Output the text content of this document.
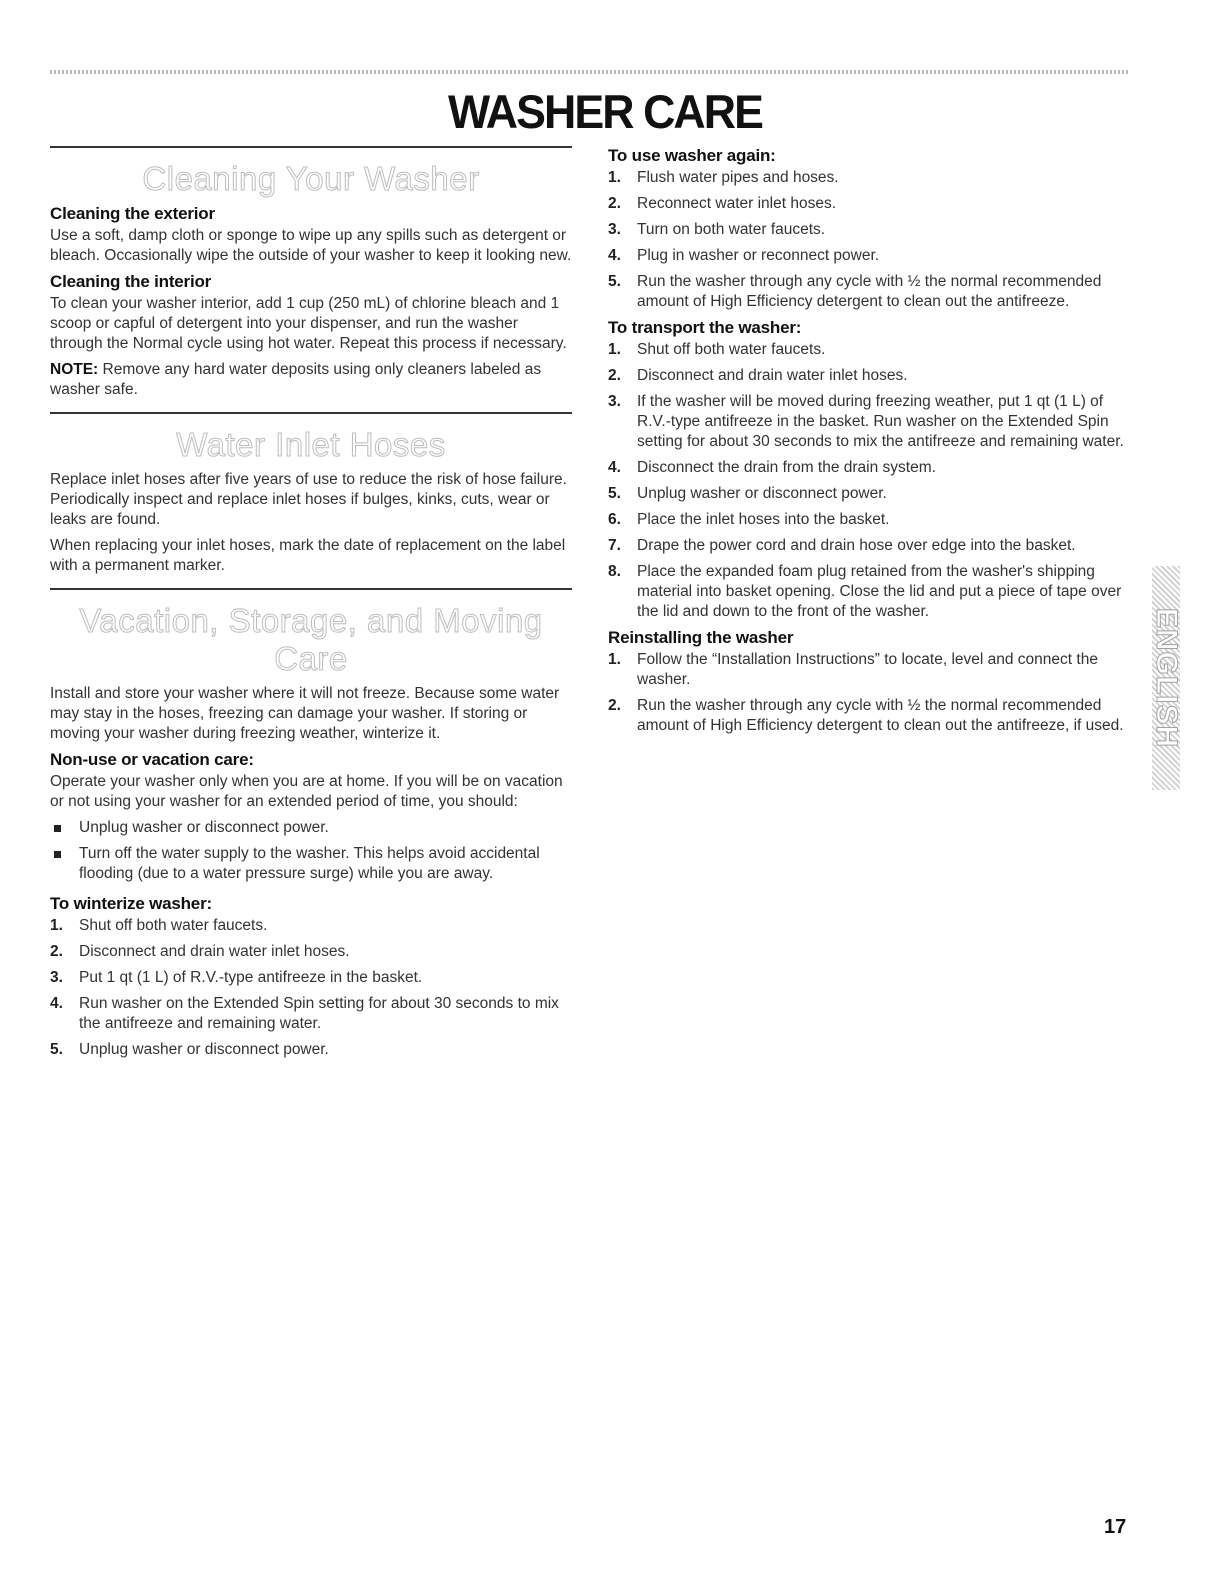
WASHER CARE
Cleaning Your Washer
Cleaning the exterior

Use a soft, damp cloth or sponge to wipe up any spills such as detergent or bleach. Occasionally wipe the outside of your washer to keep it looking new.

Cleaning the interior

To clean your washer interior, add 1 cup (250 mL) of chlorine bleach and 1 scoop or capful of detergent into your dispenser, and run the washer through the Normal cycle using hot water. Repeat this process if necessary.

NOTE: Remove any hard water deposits using only cleaners labeled as washer safe.

Water Inlet Hoses

Replace inlet hoses after five years of use to reduce the risk of hose failure. Periodically inspect and replace inlet hoses if bulges, kinks, cuts, wear or leaks are found.

When replacing your inlet hoses, mark the date of replacement on the label with a permanent marker.

Vacation, Storage, and Moving Care

Install and store your washer where it will not freeze. Because some water may stay in the hoses, freezing can damage your washer. If storing or moving your washer during freezing weather, winterize it.

Non-use or vacation care:

Operate your washer only when you are at home. If you will be on vacation or not using your washer for an extended period of time, you should:

Unplug washer or disconnect power.
Turn off the water supply to the washer. This helps avoid accidental flooding (due to a water pressure surge) while you are away.
To winterize washer:
1. Shut off both water faucets.
2. Disconnect and drain water inlet hoses.
3. Put 1 qt (1 L) of R.V.-type antifreeze in the basket.
4. Run washer on the Extended Spin setting for about 30 seconds to mix the antifreeze and remaining water.
5. Unplug washer or disconnect power.
To use washer again:
1. Flush water pipes and hoses.
2. Reconnect water inlet hoses.
3. Turn on both water faucets.
4. Plug in washer or reconnect power.
5. Run the washer through any cycle with ½ the normal recommended amount of High Efficiency detergent to clean out the antifreeze.
To transport the washer:
1. Shut off both water faucets.
2. Disconnect and drain water inlet hoses.
3. If the washer will be moved during freezing weather, put 1 qt (1 L) of R.V.-type antifreeze in the basket. Run washer on the Extended Spin setting for about 30 seconds to mix the antifreeze and remaining water.
4. Disconnect the drain from the drain system.
5. Unplug washer or disconnect power.
6. Place the inlet hoses into the basket.
7. Drape the power cord and drain hose over edge into the basket.
8. Place the expanded foam plug retained from the washer's shipping material into basket opening. Close the lid and put a piece of tape over the lid and down to the front of the washer.
Reinstalling the washer
1. Follow the “Installation Instructions” to locate, level and connect the washer.
2. Run the washer through any cycle with ½ the normal recommended amount of High Efficiency detergent to clean out the antifreeze, if used. ENGLISH
17
